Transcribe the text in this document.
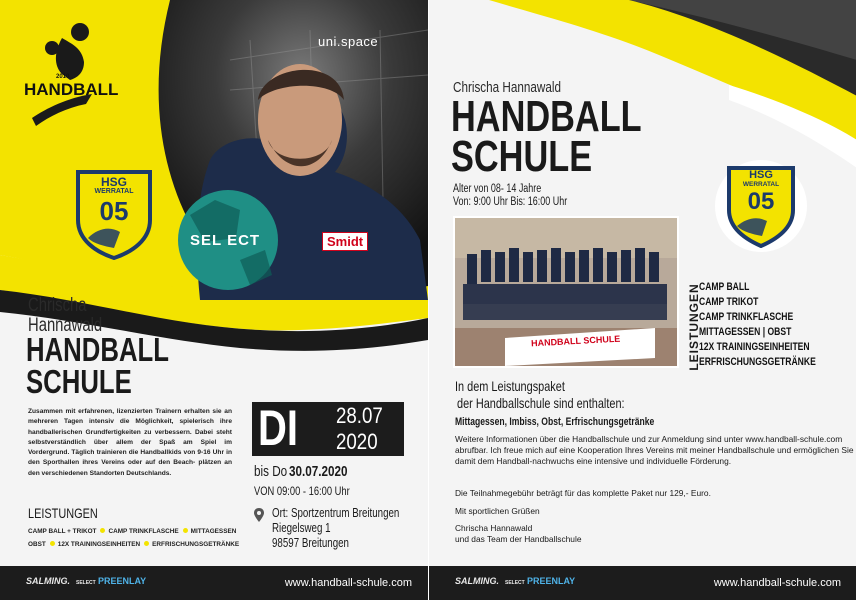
SEL ECT	Smidt
uni.space
HANDBALL
2010
HSG
WERRATAL
05
Chrischa
Hannawald
HANDBALL
SCHULE
Zusammen mit erfahrenen, lizenzierten Trainern erhalten sie an mehreren Tagen intensiv die Möglichkeit, spielerisch ihre handballerischen Grundfertigkeiten zu verbessern. Dabei steht selbstverständlich über allem der Spaß am Spiel im Vordergrund. Täglich trainieren die Handballkids von 9-16 Uhr in den Sporthallen ihres Vereins oder auf den Beach- plätzen an den verschiedenen Standorten Deutschlands.
DI 28.07
2020
bis Do30.07.2020
VON 09:00 - 16:00 Uhr
Ort: Sportzentrum Breitungen
Riegelsweg 1
98597 Breitungen
LEISTUNGEN
CAMP BALL + TRIKOT CAMP TRINKFLASCHE MITTAGESSEN
OBST 12X TRAININGSEINHEITEN ERFRISCHUNGSGETRÄNKE
SALMING. SELECT PREENLAY	www.handball-schule.com
Chrischa Hannawald
HANDBALL
SCHULE
Alter von 08- 14 Jahre
Von: 9:00 Uhr Bis: 16:00 Uhr
HSG
WERRATAL
05
HANDBALL SCHULE	LEISTUNGEN
CAMP BALL
CAMP TRIKOT
CAMP TRINKFLASCHE
MITTAGESSEN | OBST
12X TRAININGSEINHEITEN
ERFRISCHUNGSGETRÄNKE
In dem Leistungspaket
der Handballschule sind enthalten:
Mittagessen, Imbiss, Obst, Erfrischungsgetränke
Weitere Informationen über die Handballschule und zur Anmeldung sind unter www.handball-schule.com abrufbar. Ich freue mich auf eine Kooperation Ihres Vereins mit meiner Handballschule und ermöglichen Sie damit dem Handball-nachwuchs eine intensive und individuelle Förderung.
Die Teilnahmegebühr beträgt für das komplette Paket nur 129,- Euro.
Mit sportlichen Grüßen
Chrischa Hannawald
und das Team der Handballschule
SALMING. SELECT PREENLAY	www.handball-schule.com
